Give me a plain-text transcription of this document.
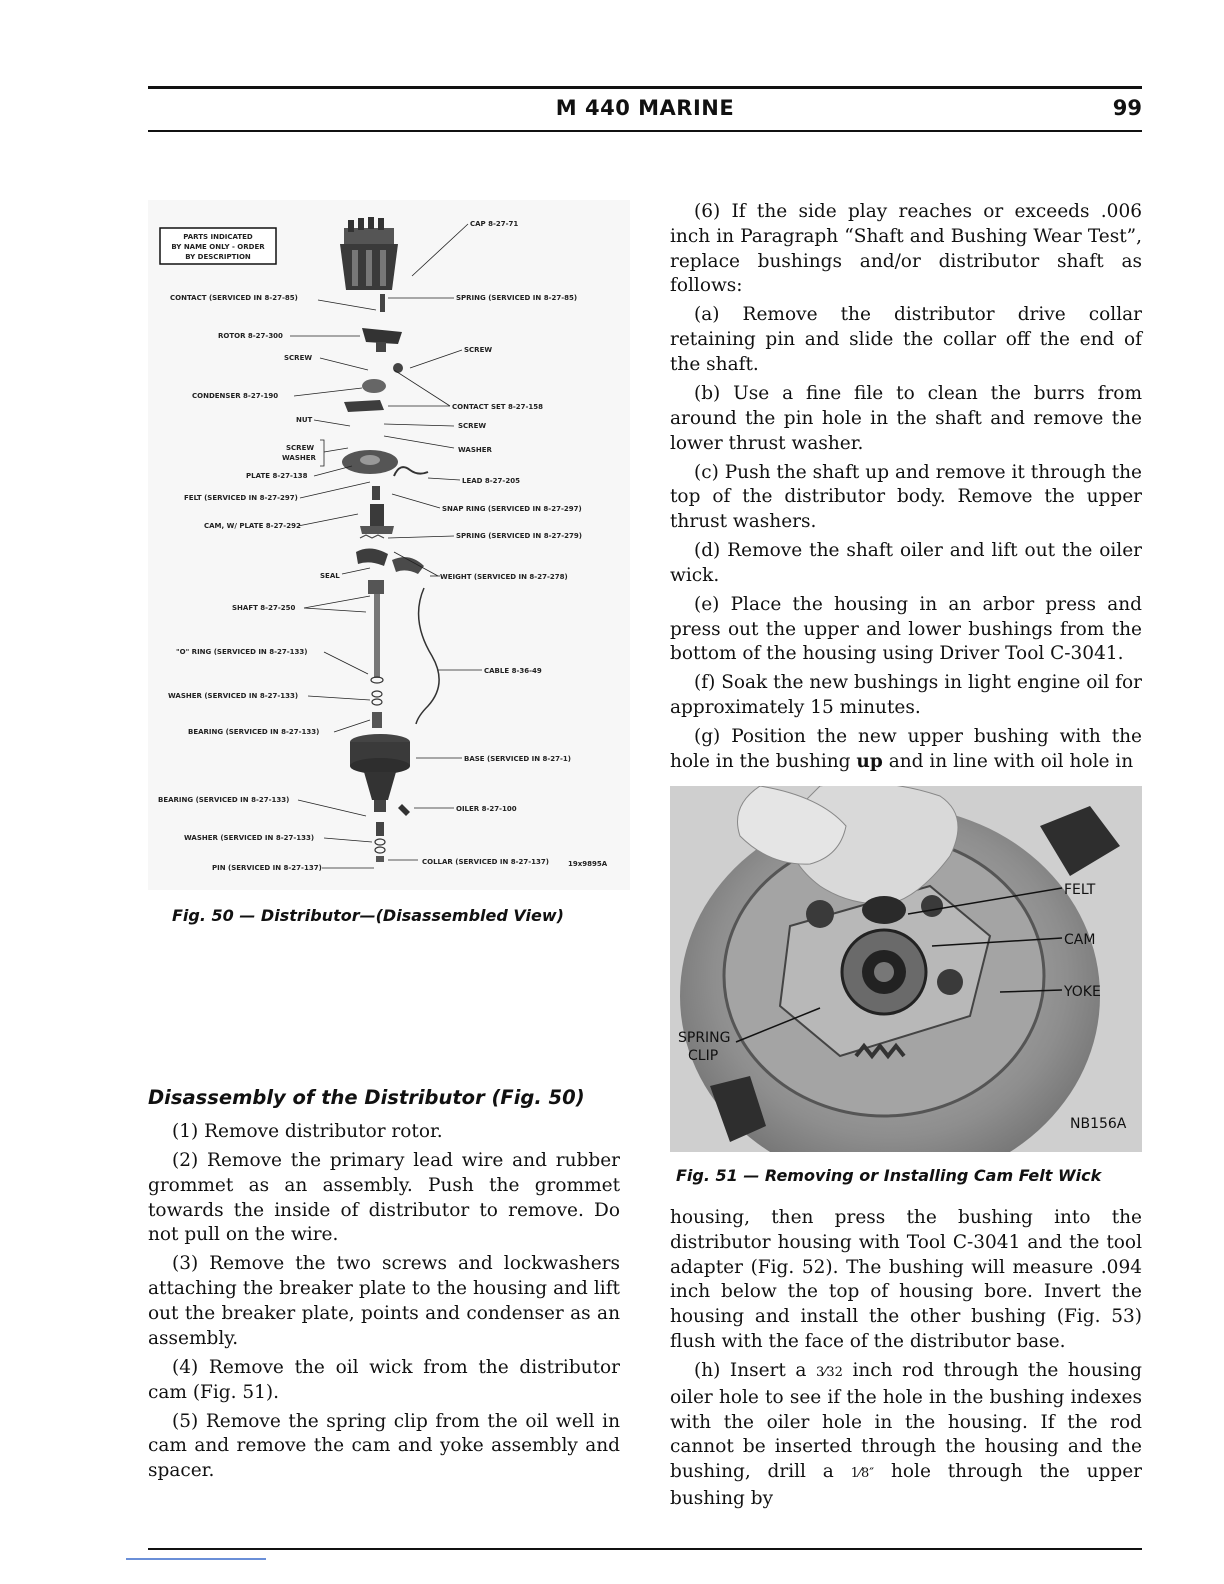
M 440 MARINE	99
PARTS INDICATED
BY NAME ONLY - ORDER
BY DESCRIPTION
CAP 8-27-71
SPRING (SERVICED IN 8-27-85)
CONTACT (SERVICED IN 8-27-85)
ROTOR 8-27-300
SCREW
SCREW
CONDENSER 8-27-190
CONTACT SET 8-27-158
NUT
SCREW
WASHER
SCREW
WASHER
PLATE 8-27-138
LEAD 8-27-205
FELT (SERVICED IN 8-27-297)
SNAP RING (SERVICED IN 8-27-297)
CAM, W/ PLATE 8-27-292
SPRING (SERVICED IN 8-27-279)
WEIGHT (SERVICED IN 8-27-278)
SEAL
SHAFT 8-27-250
CABLE 8-36-49
"O" RING (SERVICED IN 8-27-133)
WASHER (SERVICED IN 8-27-133)
BEARING (SERVICED IN 8-27-133)
BASE (SERVICED IN 8-27-1)
BEARING (SERVICED IN 8-27-133)
OILER 8-27-100
WASHER (SERVICED IN 8-27-133)
PIN (SERVICED IN 8-27-137)
COLLAR (SERVICED IN 8-27-137)	19x9895A
Fig. 50 — Distributor—(Disassembled View)

(6) If the side play reaches or exceeds .006 inch in Paragraph “Shaft and Bushing Wear Test”, replace bushings and/or distributor shaft as follows:

(a) Remove the distributor drive collar retaining pin and slide the collar off the end of the shaft.

(b) Use a fine file to clean the burrs from around the pin hole in the shaft and remove the lower thrust washer.

(c) Push the shaft up and remove it through the top of the distributor body. Remove the upper thrust washers.

(d) Remove the shaft oiler and lift out the oiler wick.

(e) Place the housing in an arbor press and press out the upper and lower bushings from the bottom of the housing using Driver Tool C-3041.

(f) Soak the new bushings in light engine oil for approximately 15 minutes.

(g) Position the new upper bushing with the hole in the bushing up and in line with oil hole in

FELT
CAM
YOKE
SPRING
CLIP
NB156A
Fig. 51 — Removing or Installing Cam Felt Wick
Disassembly of the Distributor (Fig. 50)

(1) Remove distributor rotor.

(2) Remove the primary lead wire and rubber grommet as an assembly. Push the grommet towards the inside of distributor to remove. Do not pull on the wire.

(3) Remove the two screws and lockwashers attaching the breaker plate to the housing and lift out the breaker plate, points and condenser as an assembly.

(4) Remove the oil wick from the distributor cam (Fig. 51).

(5) Remove the spring clip from the oil well in cam and remove the cam and yoke assembly and spacer.

housing, then press the bushing into the distributor housing with Tool C-3041 and the tool adapter (Fig. 52). The bushing will measure .094 inch below the top of housing bore. Invert the housing and install the other bushing (Fig. 53) flush with the face of the distributor base.

(h) Insert a 3⁄32 inch rod through the housing oiler hole to see if the hole in the bushing indexes with the oiler hole in the housing. If the rod cannot be inserted through the housing and the bushing, drill a 1⁄8″ hole through the upper bushing by
